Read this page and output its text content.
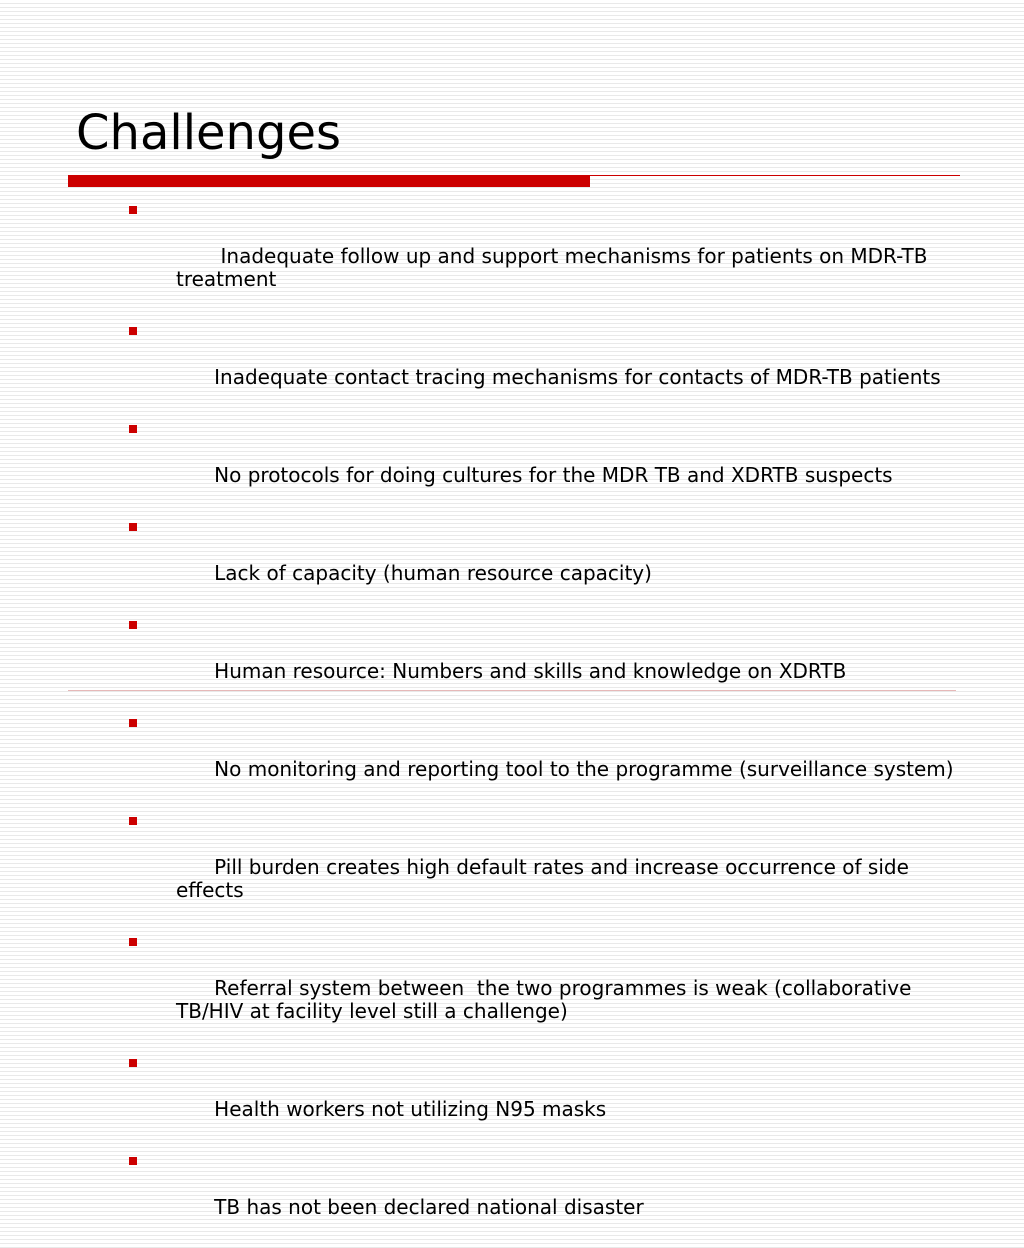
Challenges

Inadequate follow up and support mechanisms for patients on MDR-TB treatment

Inadequate contact tracing mechanisms for contacts of MDR-TB patients

No protocols for doing cultures for the MDR TB and XDRTB suspects

Lack of capacity (human resource capacity)

Human resource: Numbers and skills and knowledge on XDRTB

No monitoring and reporting tool to the programme (surveillance system)

Pill burden creates high default rates and increase occurrence of side effects

Referral system between  the two programmes is weak (collaborative TB/HIV at facility level still a challenge)

Health workers not utilizing N95 masks

TB has not been declared national disaster
